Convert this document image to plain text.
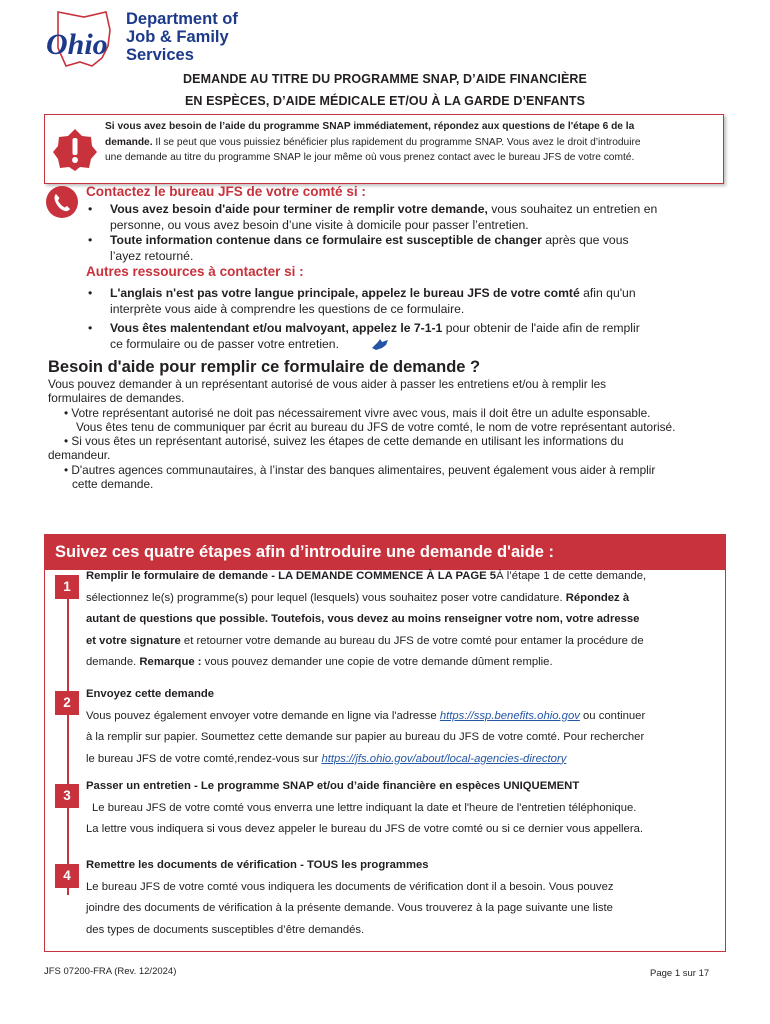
Ohio
Department of
Job & Family
Services
DEMANDE AU TITRE DU PROGRAMME SNAP, D’AIDE FINANCIÈRE
EN ESPÈCES, D’AIDE MÉDICALE ET/OU À LA GARDE D’ENFANTS
Si vous avez besoin de l’aide du programme SNAP immédiatement, répondez aux questions de l'étape 6 de la
demande. Il se peut que vous puissiez bénéficier plus rapidement du programme SNAP. Vous avez le droit d’introduire
une demande au titre du programme SNAP le jour même où vous prenez contact avec le bureau JFS de votre comté.
Contactez le bureau JFS de votre comté si :
• Vous avez besoin d'aide pour terminer de remplir votre demande, vous souhaitez un entretien en
personne, ou vous avez besoin d’une visite à domicile pour passer l’entretien.
• Toute information contenue dans ce formulaire est susceptible de changer après que vous
l’ayez retourné.
Autres ressources à contacter si :
• L'anglais n'est pas votre langue principale, appelez le bureau JFS de votre comté afin qu'un
interprète vous aide à comprendre les questions de ce formulaire.
• Vous êtes malentendant et/ou malvoyant, appelez le 7-1-1 pour obtenir de l'aide afin de remplir
ce formulaire ou de passer votre entretien.
Besoin d'aide pour remplir ce formulaire de demande ?
Vous pouvez demander à un représentant autorisé de vous aider à passer les entretiens et/ou à remplir les
formulaires de demandes.
• Votre représentant autorisé ne doit pas nécessairement vivre avec vous, mais il doit être un adulte esponsable.
Vous êtes tenu de communiquer par écrit au bureau du JFS de votre comté, le nom de votre représentant autorisé.
• Si vous êtes un représentant autorisé, suivez les étapes de cette demande en utilisant les informations du
demandeur.
• D'autres agences communautaires, à l’instar des banques alimentaires, peuvent également vous aider à remplir
cette demande.
Suivez ces quatre étapes afin d’introduire une demande d'aide :
1
Remplir le formulaire de demande - LA DEMANDE COMMENCE À LA PAGE 5À l’étape 1 de cette demande,
sélectionnez le(s) programme(s) pour lequel (lesquels) vous souhaitez poser votre candidature. Répondez à
autant de questions que possible. Toutefois, vous devez au moins renseigner votre nom, votre adresse
et votre signature et retourner votre demande au bureau du JFS de votre comté pour entamer la procédure de
demande. Remarque : vous pouvez demander une copie de votre demande dûment remplie.
2
Envoyez cette demande
Vous pouvez également envoyer votre demande en ligne via l'adresse https://ssp.benefits.ohio.gov ou continuer
à la remplir sur papier. Soumettez cette demande sur papier au bureau du JFS de votre comté. Pour rechercher
le bureau JFS de votre comté,rendez-vous sur https://jfs.ohio.gov/about/local-agencies-directory
3
Passer un entretien - Le programme SNAP et/ou d’aide financière en espèces UNIQUEMENT
Le bureau JFS de votre comté vous enverra une lettre indiquant la date et l'heure de l'entretien téléphonique.
La lettre vous indiquera si vous devez appeler le bureau du JFS de votre comté ou si ce dernier vous appellera.
4
Remettre les documents de vérification - TOUS les programmes
Le bureau JFS de votre comté vous indiquera les documents de vérification dont il a besoin. Vous pouvez
joindre des documents de vérification à la présente demande. Vous trouverez à la page suivante une liste
des types de documents susceptibles d’être demandés.
JFS 07200-FRA (Rev. 12/2024)	Page 1 sur 17
